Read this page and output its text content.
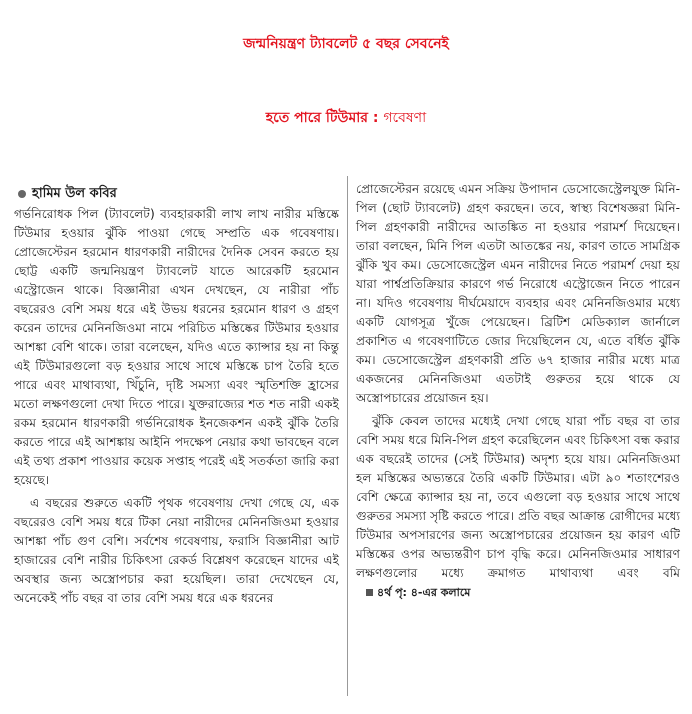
জন্মনিয়ন্ত্রণ ট্যাবলেট ৫ বছর সেবনেই
হতে পারে টিউমার : গবেষণা
হামিম উল কবির

গর্ভনিরোধক পিল (ট্যাবলেট) ব্যবহারকারী লাখ লাখ নারীর মস্তিষ্কে টিউমার হওয়ার ঝুঁকি পাওয়া গেছে সম্প্রতি এক গবেষণায়। প্রোজেস্টেরন হরমোন ধারণকারী নারীদের দৈনিক সেবন করতে হয় ছোট্ট একটি জন্মনিয়ন্ত্রণ ট্যাবলেট যাতে আরেকটি হরমোন এস্ট্রোজেন থাকে। বিজ্ঞানীরা এখন দেখছেন, যে নারীরা পাঁচ বছরেরও বেশি সময় ধরে এই উভয় ধরনের হরমোন ধারণ ও গ্রহণ করেন তাদের মেনিনজিওমা নামে পরিচিত মস্তিষ্কের টিউমার হওয়ার আশঙ্কা বেশি থাকে। তারা বলেছেন, যদিও এতে ক্যান্সার হয় না কিন্তু এই টিউমারগুলো বড় হওয়ার সাথে সাথে মস্তিষ্কে চাপ তৈরি হতে পারে এবং মাথাব্যথা, খিঁচুনি, দৃষ্টি সমস্যা এবং স্মৃতিশক্তি হ্রাসের মতো লক্ষণগুলো দেখা দিতে পারে। যুক্তরাজ্যের শত শত নারী একই রকম হরমোন ধারণকারী গর্ভনিরোধক ইনজেকশন একই ঝুঁকি তৈরি করতে পারে এই আশঙ্কায় আইনি পদক্ষেপ নেয়ার কথা ভাবছেন বলে এই তথ্য প্রকাশ পাওয়ার কয়েক সপ্তাহ পরেই এই সতর্কতা জারি করা হয়েছে।

এ বছরের শুরুতে একটি পৃথক গবেষণায় দেখা গেছে যে, এক বছরেরও বেশি সময় ধরে টিকা নেয়া নারীদের মেনিনজিওমা হওয়ার আশঙ্কা পাঁচ গুণ বেশি। সর্বশেষ গবেষণায়, ফরাসি বিজ্ঞানীরা আট হাজারের বেশি নারীর চিকিৎসা রেকর্ড বিশ্লেষণ করেছেন যাদের এই অবস্থার জন্য অস্ত্রোপচার করা হয়েছিল। তারা দেখেছেন যে, অনেকেই পাঁচ বছর বা তার বেশি সময় ধরে এক ধরনের

প্রোজেস্টেরন রয়েছে এমন সক্রিয় উপাদান ডেসোজেস্ট্রেলযুক্ত মিনি-পিল (ছোট ট্যাবলেট) গ্রহণ করছেন। তবে, স্বাস্থ্য বিশেষজ্ঞরা মিনি-পিল গ্রহণকারী নারীদের আতঙ্কিত না হওয়ার পরামর্শ দিয়েছেন। তারা বলছেন, মিনি পিল এতটা আতঙ্কের নয়, কারণ তাতে সামগ্রিক ঝুঁকি খুব কম। ডেসোজেস্ট্রেল এমন নারীদের নিতে পরামর্শ দেয়া হয় যারা পার্শ্বপ্রতিক্রিয়ার কারণে গর্ভ নিরোধে এস্ট্রোজেন নিতে পারেন না। যদিও গবেষণায় দীর্ঘমেয়াদে ব্যবহার এবং মেনিনজিওমার মধ্যে একটি যোগসূত্র খুঁজে পেয়েছেন। ব্রিটিশ মেডিক্যাল জার্নালে প্রকাশিত এ গবেষণাটিতে জোর দিয়েছিলেন যে, এতে বর্ধিত ঝুঁকি কম। ডেসোজেস্ট্রেল গ্রহণকারী প্রতি ৬৭ হাজার নারীর মধ্যে মাত্র একজনের মেনিনজিওমা এতটাই গুরুতর হয়ে থাকে যে অস্ত্রোপচারের প্রয়োজন হয়।

ঝুঁকি কেবল তাদের মধ্যেই দেখা গেছে যারা পাঁচ বছর বা তার বেশি সময় ধরে মিনি-পিল গ্রহণ করেছিলেন এবং চিকিৎসা বন্ধ করার এক বছরেই তাদের (সেই টিউমার) অদৃশ্য হয়ে যায়। মেনিনজিওমা হল মস্তিষ্কের অভ্যন্তরে তৈরি একটি টিউমার। এটা ৯০ শতাংশেরও বেশি ক্ষেত্রে ক্যান্সার হয় না, তবে এগুলো বড় হওয়ার সাথে সাথে গুরুতর সমস্যা সৃষ্টি করতে পারে। প্রতি বছর আক্রান্ত রোগীদের মধ্যে টিউমার অপসারণের জন্য অস্ত্রোপচারের প্রয়োজন হয় কারণ এটি মস্তিষ্কের ওপর অভ্যন্তরীণ চাপ বৃদ্ধি করে। মেনিনজিওমার সাধারণ লক্ষণগুলোর মধ্যে ক্রমাগত মাথাব্যথা এবং বমি৪র্থ পৃ: ৪-এর কলামে
